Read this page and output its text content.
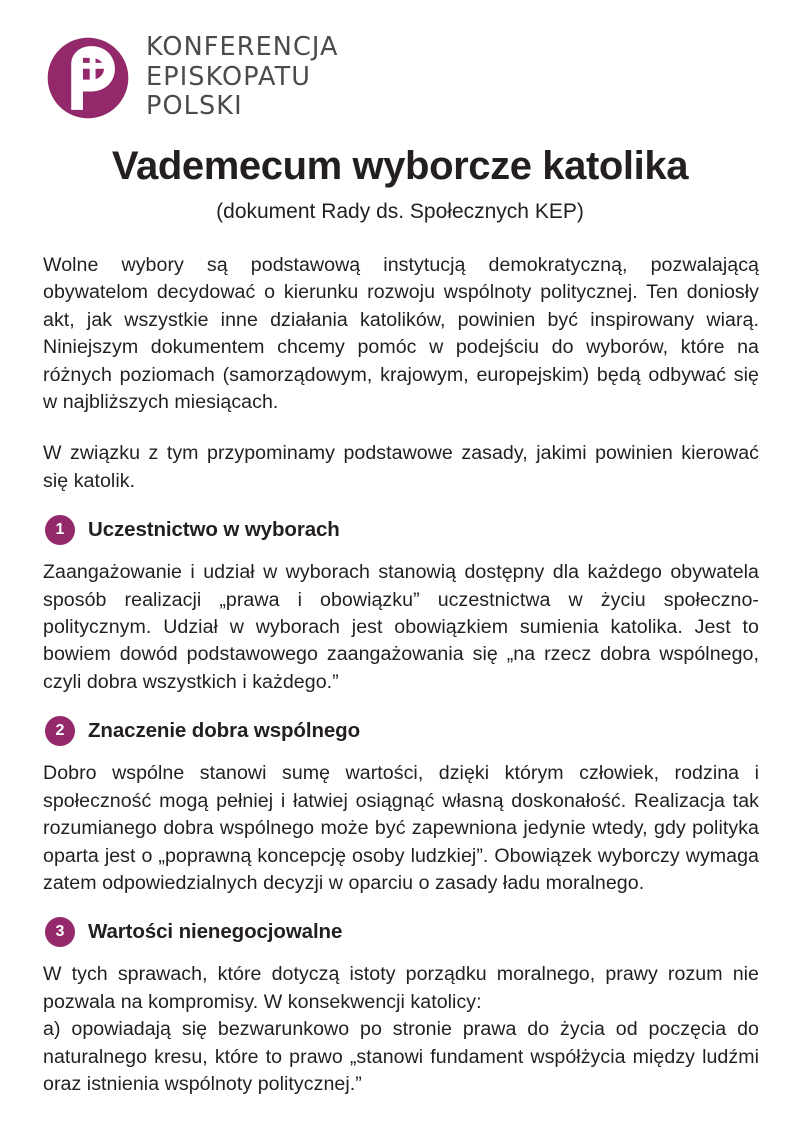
KONFERENCJA
EPISKOPATU
POLSKI
Vademecum wyborcze katolika
(dokument Rady ds. Społecznych KEP)

Wolne wybory są podstawową instytucją demokratyczną, pozwalającą obywatelom decydować o kierunku rozwoju wspólnoty politycznej. Ten doniosły akt, jak wszystkie inne działania katolików, powinien być inspirowany wiarą. Niniejszym dokumentem chcemy pomóc w podejściu do wyborów, które na różnych poziomach (samorządowym, krajowym, europejskim) będą odbywać się w najbliższych miesiącach.

W związku z tym przypominamy podstawowe zasady, jakimi powinien kierować się katolik.

1	Uczestnictwo w wyborach

Zaangażowanie i udział w wyborach stanowią dostępny dla każdego obywatela sposób realizacji „prawa i obowiązku” uczestnictwa w życiu społeczno-politycznym. Udział w wyborach jest obowiązkiem sumienia katolika. Jest to bowiem dowód podstawowego zaangażowania się „na rzecz dobra wspólnego, czyli dobra wszystkich i każdego.”

2	Znaczenie dobra wspólnego

Dobro wspólne stanowi sumę wartości, dzięki którym człowiek, rodzina i społeczność mogą pełniej i łatwiej osiągnąć własną doskonałość. Realizacja tak rozumianego dobra wspólnego może być zapewniona jedynie wtedy, gdy polityka oparta jest o „poprawną koncepcję osoby ludzkiej”. Obowiązek wyborczy wymaga zatem odpowiedzialnych decyzji w oparciu o zasady ładu moralnego.

3	Wartości nienegocjowalne

W tych sprawach, które dotyczą istoty porządku moralnego, prawy rozum nie pozwala na kompromisy. W konsekwencji katolicy:

a) opowiadają się bezwarunkowo po stronie prawa do życia od poczęcia do naturalnego kresu, które to prawo „stanowi fundament współżycia między ludźmi oraz istnienia wspólnoty politycznej.”
